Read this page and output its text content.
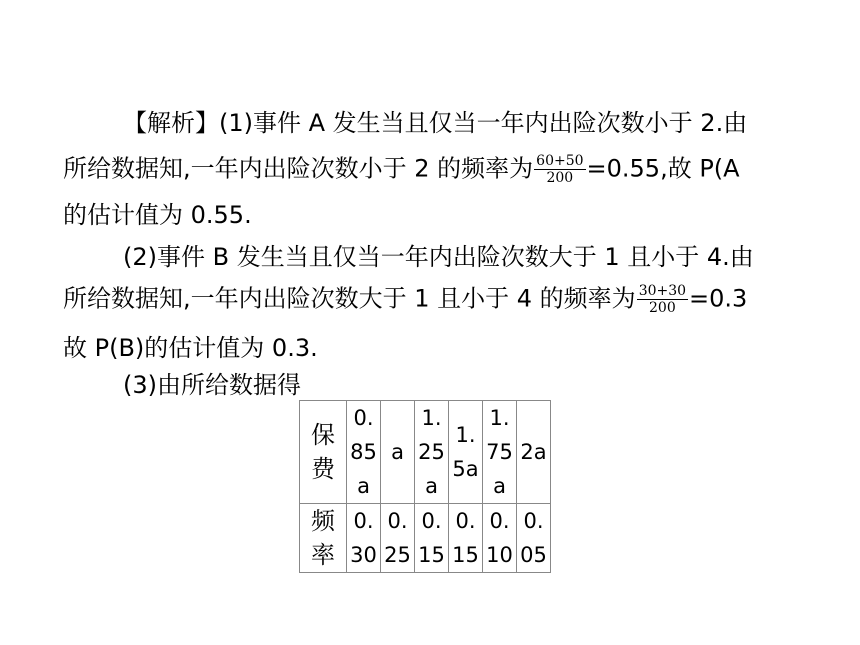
【解析】(1)事件 A 发生当且仅当一年内出险次数小于 2.由
所给数据知,一年内出险次数小于 2 的频率为 $\frac{60+50}{200} =0.55$,故 P(A
的估计值为 0.55.
(2)事件 B 发生当且仅当一年内出险次数大于 1 且小于 4.由
所给数据知,一年内出险次数大于 1 且小于 4 的频率为 $\frac{30+30}{200} =0.3$
故 P(B)的估计值为 0.3.
(3)由所给数据得
保费	0.85a	a	1.25a	1.5a	1.75a	2a
频率	0.30	0.25	0.15	0.15	0.10	0.05
